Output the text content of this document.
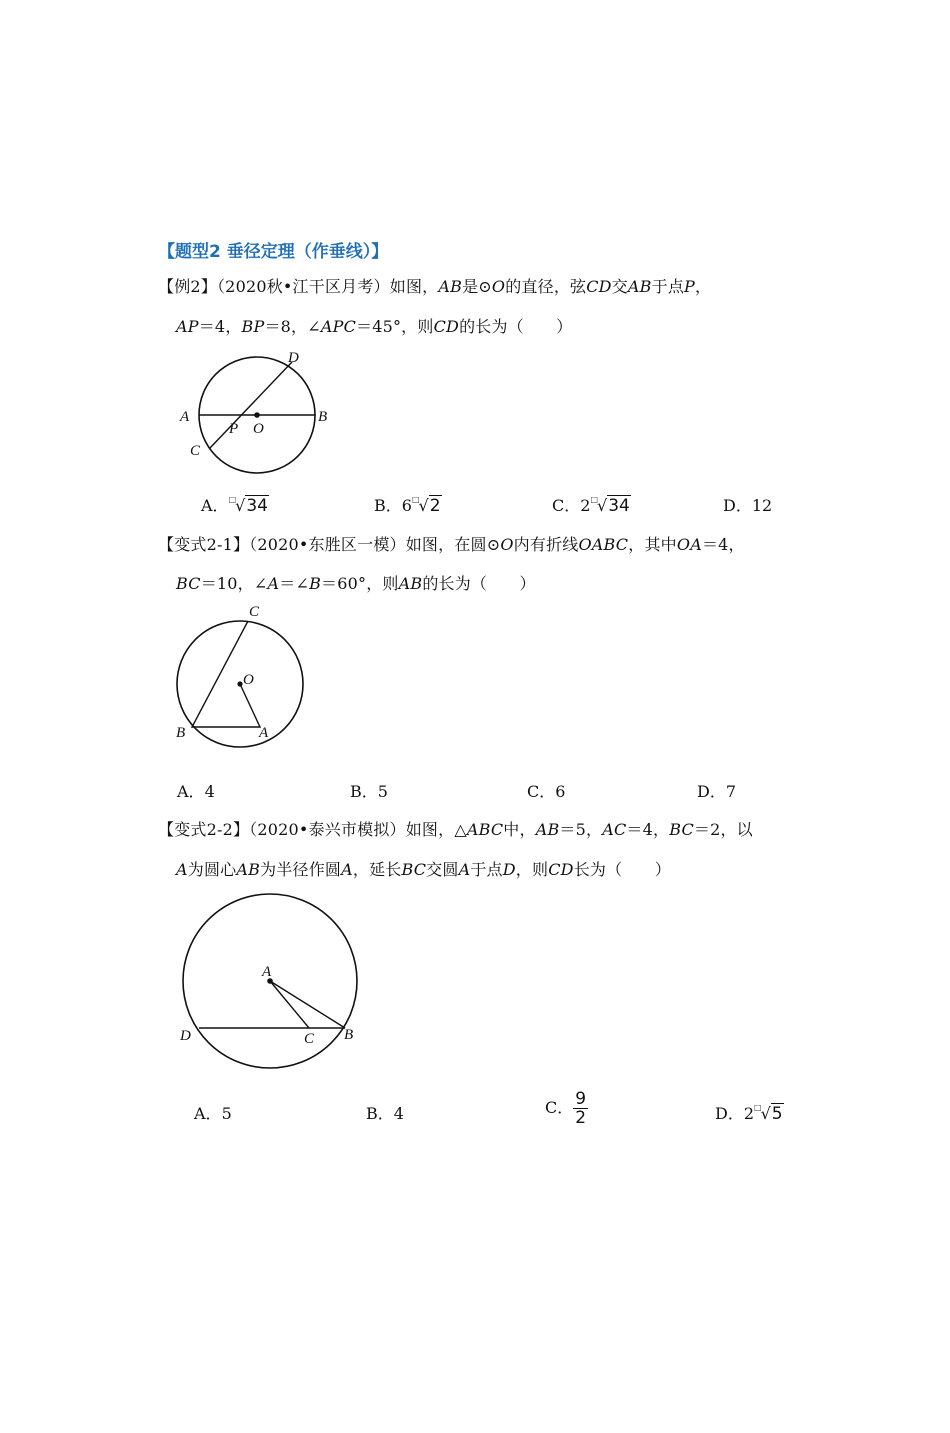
【题型2 垂径定理（作垂线）】
【例2】（2020秋•江干区月考）如图，AB是⊙O的直径，弦CD交AB于点P，
AP＝4，BP＝8，∠APC＝45°，则CD的长为（　　）
D
A
P O
B
C
A．□√34	B．6□√2	C．2□√34	D．12
【变式2-1】（2020•东胜区一模）如图，在圆⊙O内有折线OABC，其中OA＝4，
BC＝10，∠A＝∠B＝60°，则AB的长为（　　）
C
O
B	A
A．4	B．5	C．6	D．7
【变式2-2】（2020•泰兴市模拟）如图，△ABC中，AB＝5，AC＝4，BC＝2，以
A为圆心AB为半径作圆A，延长BC交圆A于点D，则CD长为（　　）
A
D	C B
A．5	B．4	C． $\frac{9}{2}$	D．2□√5
